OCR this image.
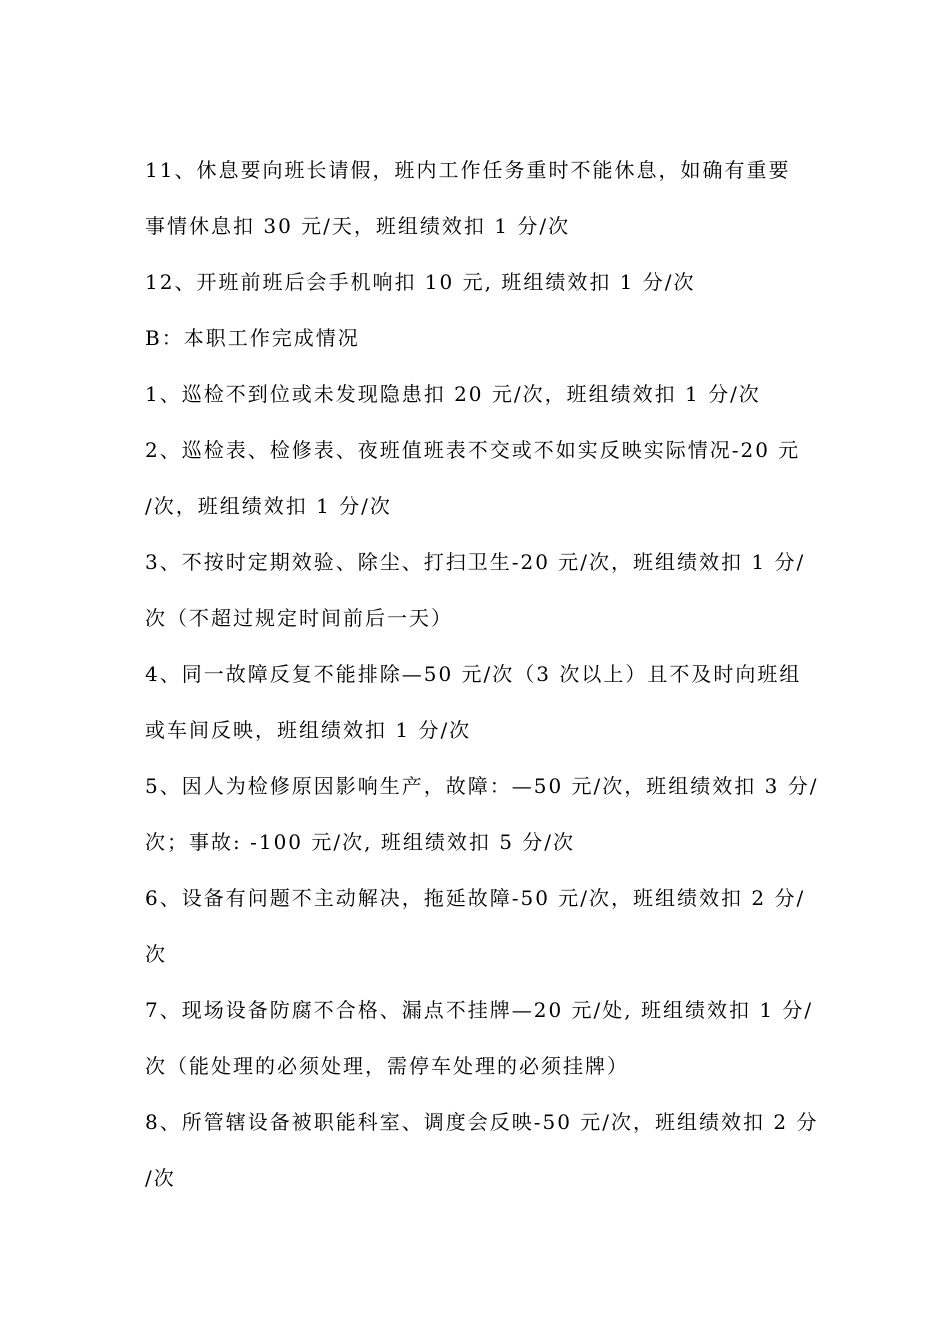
11、休息要向班长请假，班内工作任务重时不能休息，如确有重要
事情休息扣 30 元/天，班组绩效扣 1 分/次
12、开班前班后会手机响扣 10 元, 班组绩效扣 1 分/次
B：本职工作完成情况
1、巡检不到位或未发现隐患扣 20 元/次，班组绩效扣 1 分/次
2、巡检表、检修表、夜班值班表不交或不如实反映实际情况-20 元
/次，班组绩效扣 1 分/次
3、不按时定期效验、除尘、打扫卫生-20 元/次，班组绩效扣 1 分/
次（不超过规定时间前后一天）
4、同一故障反复不能排除—50 元/次（3 次以上）且不及时向班组
或车间反映，班组绩效扣 1 分/次
5、因人为检修原因影响生产，故障：—50 元/次，班组绩效扣 3 分/
次；事故: -100 元/次, 班组绩效扣 5 分/次
6、设备有问题不主动解决，拖延故障-50 元/次，班组绩效扣 2 分/
次
7、现场设备防腐不合格、漏点不挂牌—20 元/处, 班组绩效扣 1 分/
次（能处理的必须处理，需停车处理的必须挂牌）
8、所管辖设备被职能科室、调度会反映-50 元/次，班组绩效扣 2 分
/次
